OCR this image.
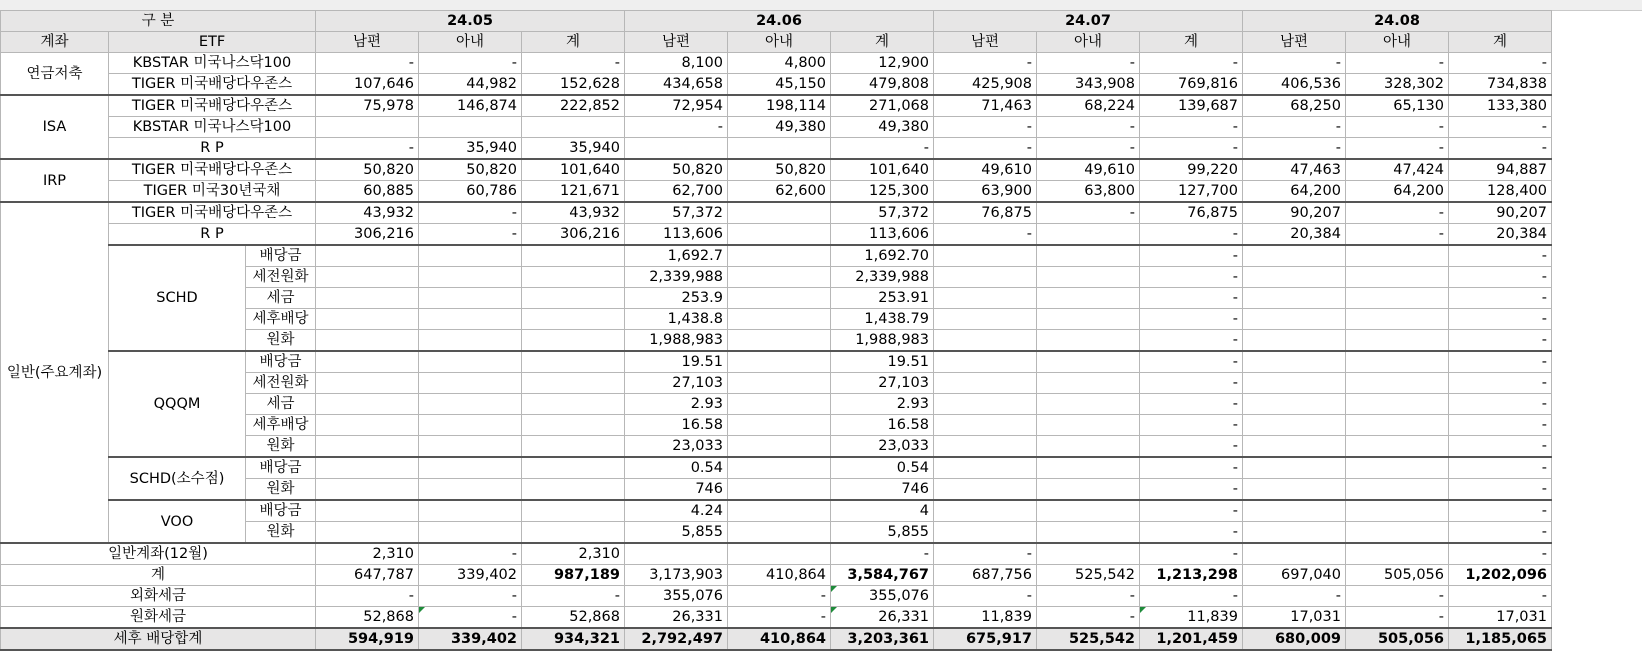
구 분			24.05			24.06			24.07			24.08		
계좌	ETF		남편	아내	계	남편	아내	계	남편	아내	계	남편	아내	계
연금저축	KBSTAR 미국나스닥100		-	-	-	8,100	4,800	12,900	-	-	-	-	-	-
	TIGER 미국배당다우존스		107,646	44,982	152,628	434,658	45,150	479,808	425,908	343,908	769,816	406,536	328,302	734,838
ISA	TIGER 미국배당다우존스		75,978	146,874	222,852	72,954	198,114	271,068	71,463	68,224	139,687	68,250	65,130	133,380
	KBSTAR 미국나스닥100					-	49,380	49,380	-	-	-	-	-	-
	R P		-	35,940	35,940			-	-	-	-	-	-	-
IRP	TIGER 미국배당다우존스		50,820	50,820	101,640	50,820	50,820	101,640	49,610	49,610	99,220	47,463	47,424	94,887
	TIGER 미국30년국채		60,885	60,786	121,671	62,700	62,600	125,300	63,900	63,800	127,700	64,200	64,200	128,400
일반(주요계좌)	TIGER 미국배당다우존스		43,932	-	43,932	57,372		57,372	76,875	-	76,875	90,207	-	90,207
	R P		306,216	-	306,216	113,606		113,606	-		-	20,384	-	20,384
	SCHD	배당금				1,692.7		1,692.70			-			-
		세전원화				2,339,988		2,339,988			-			-
		세금				253.9		253.91			-			-
		세후배당				1,438.8		1,438.79			-			-
		원화				1,988,983		1,988,983			-			-
	QQQM	배당금				19.51		19.51			-			-
		세전원화				27,103		27,103			-			-
		세금				2.93		2.93			-			-
		세후배당				16.58		16.58			-			-
		원화				23,033		23,033			-			-
	SCHD(소수점)	배당금				0.54		0.54			-			-
		원화				746		746			-			-
	VOO	배당금				4.24		4			-			-
		원화				5,855		5,855			-			-
일반계좌(12월)			2,310	-	2,310			-	-		-			-
계			647,787	339,402	987,189	3,173,903	410,864	3,584,767	687,756	525,542	1,213,298	697,040	505,056	1,202,096
외화세금			-	-	-	355,076	-	355,076	-	-	-	-	-	-
원화세금			52,868	-	52,868	26,331	-	26,331	11,839	-	11,839	17,031	-	17,031
세후 배당합계			594,919	339,402	934,321	2,792,497	410,864	3,203,361	675,917	525,542	1,201,459	680,009	505,056	1,185,065
